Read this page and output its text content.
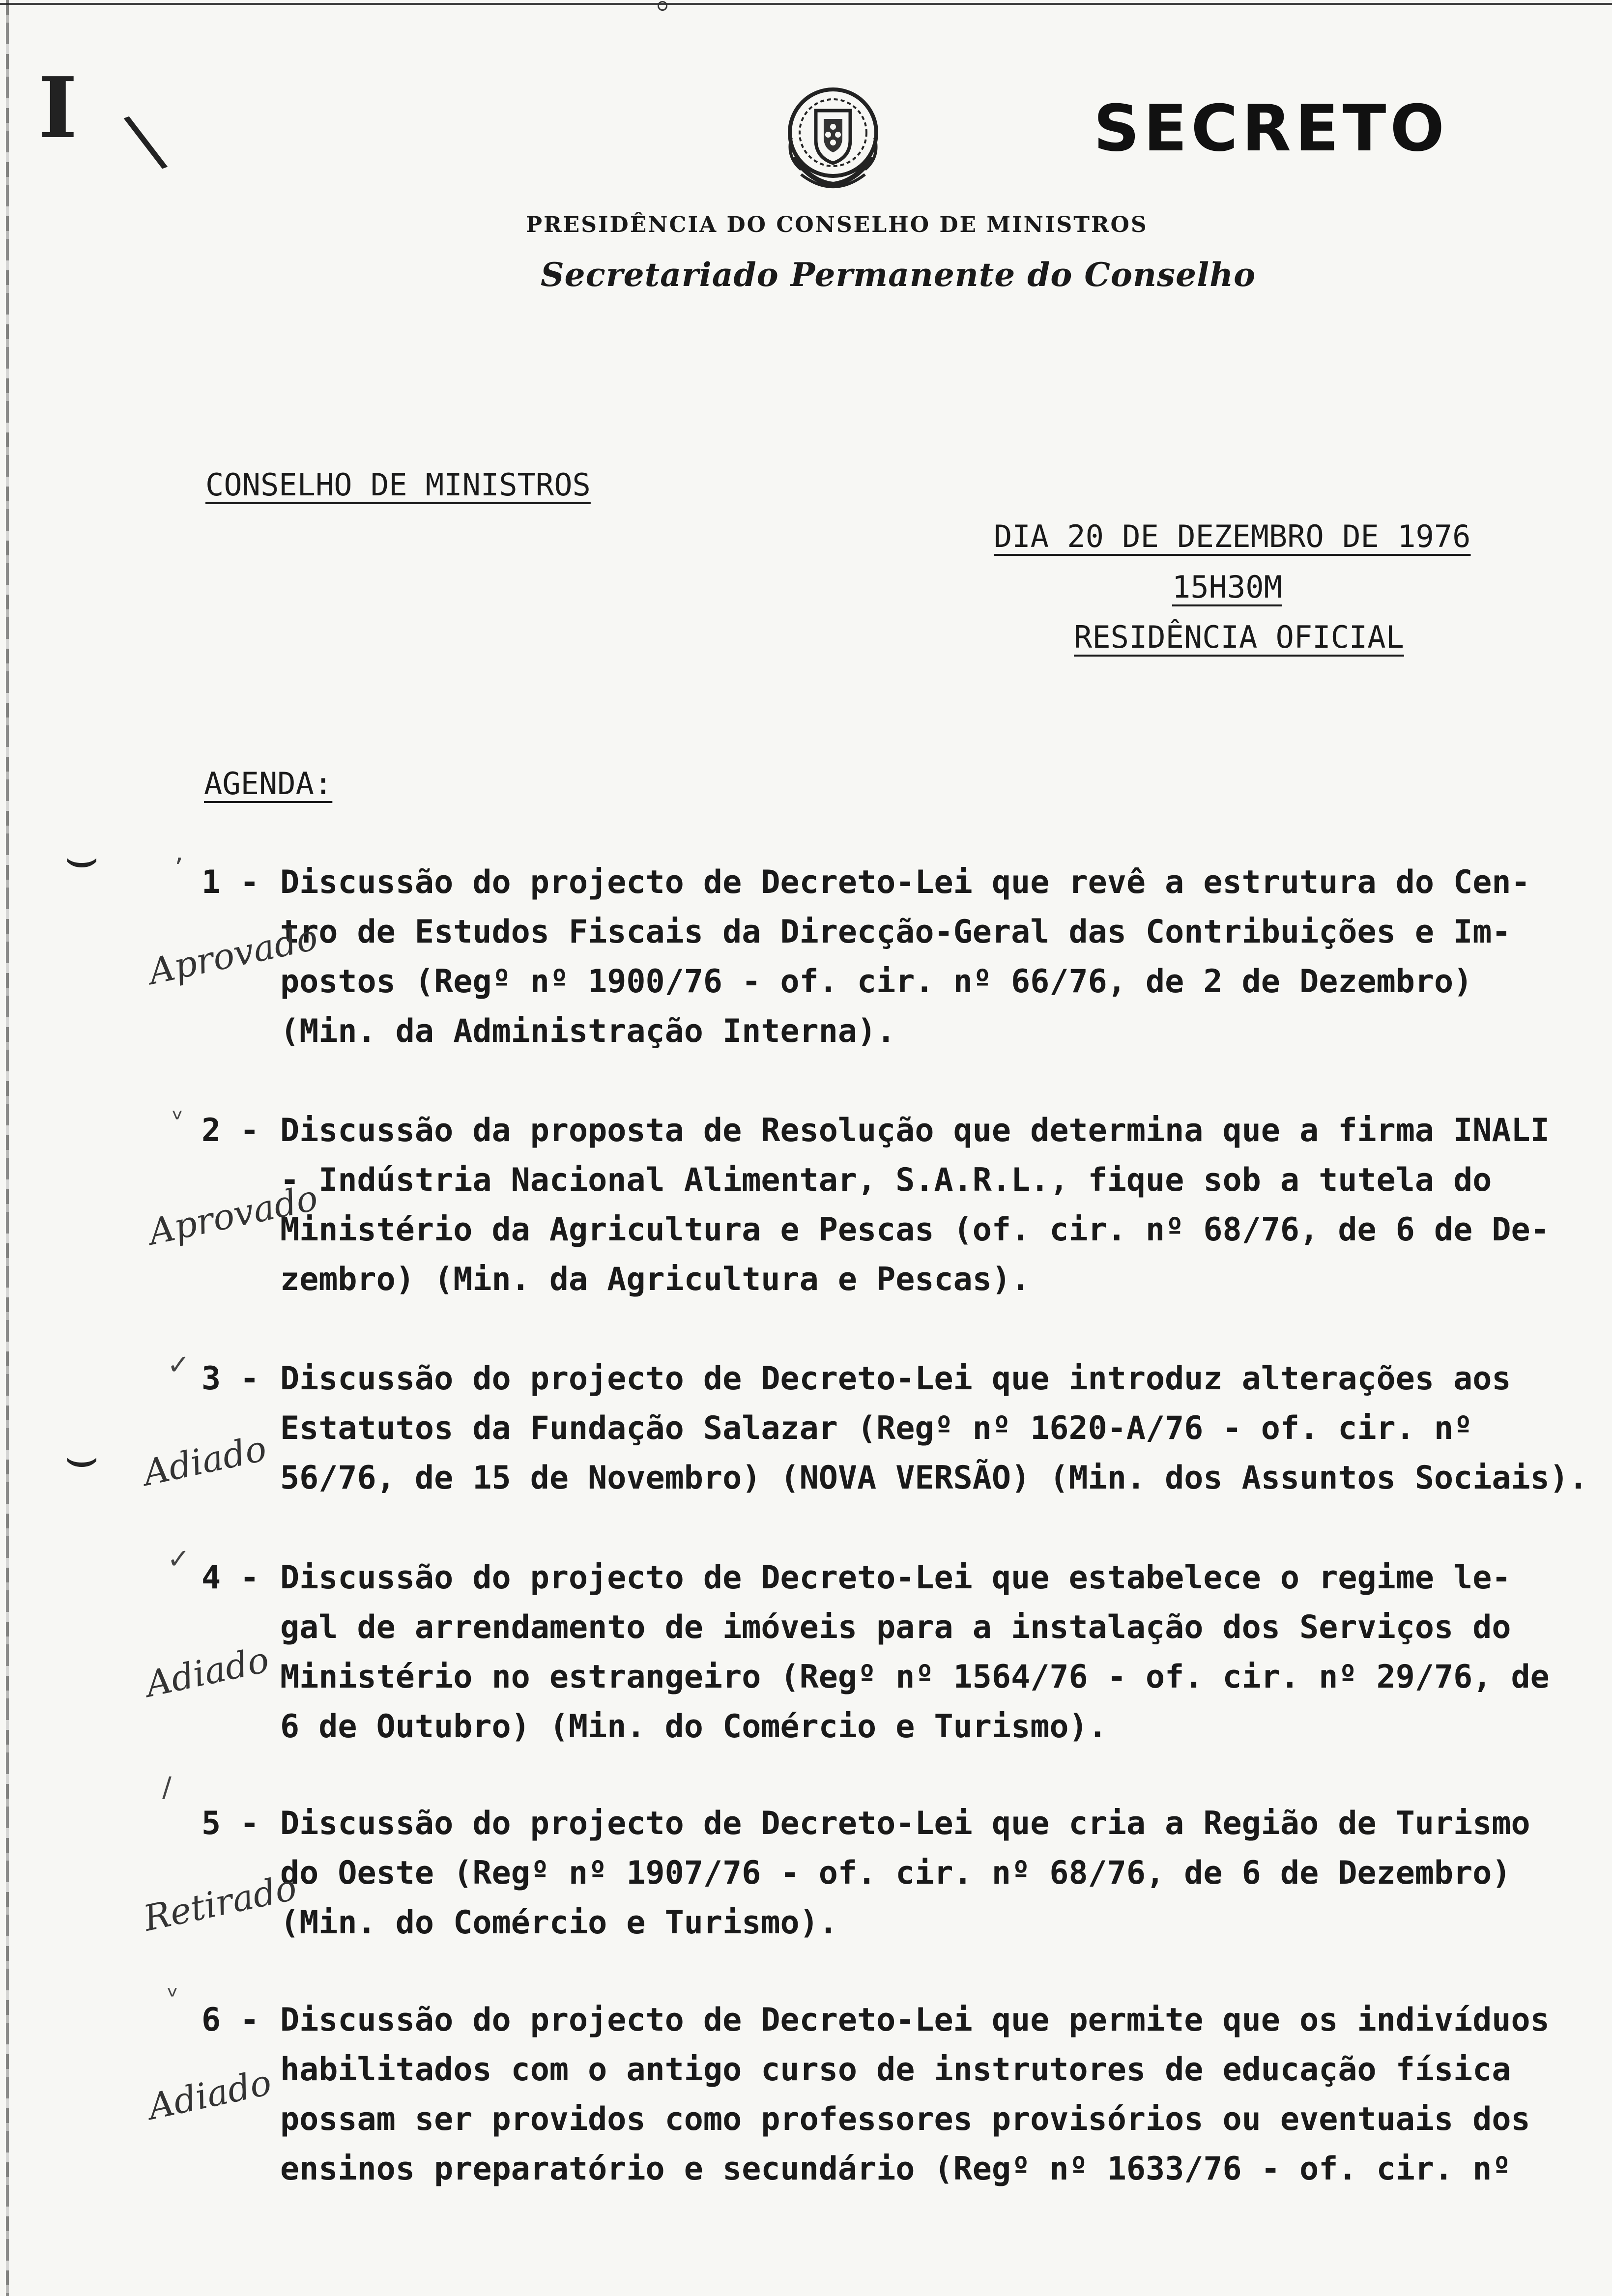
I \	SECRETO
PRESIDÊNCIA DO CONSELHO DE MINISTROS
Secretariado Permanente do Conselho
CONSELHO DE MINISTROS
DIA 20 DE DEZEMBRO DE 1976
15H30M
RESIDÊNCIA OFICIAL
AGENDA:
1 - Discussão do projecto de Decreto-Lei que revê a estrutura do Cen-
tro de Estudos Fiscais da Direcção-Geral das Contribuições e Im-
postos (Regº nº 1900/76 - of. cir. nº 66/76, de 2 de Dezembro)
(Min. da Administração Interna).
2 - Discussão da proposta de Resolução que determina que a firma INALI
- Indústria Nacional Alimentar, S.A.R.L., fique sob a tutela do
Ministério da Agricultura e Pescas (of. cir. nº 68/76, de 6 de De-
zembro) (Min. da Agricultura e Pescas).
3 - Discussão do projecto de Decreto-Lei que introduz alterações aos
Estatutos da Fundação Salazar (Regº nº 1620-A/76 - of. cir. nº
56/76, de 15 de Novembro) (NOVA VERSÃO) (Min. dos Assuntos Sociais).
4 - Discussão do projecto de Decreto-Lei que estabelece o regime le-
gal de arrendamento de imóveis para a instalação dos Serviços do
Ministério no estrangeiro (Regº nº 1564/76 - of. cir. nº 29/76, de
6 de Outubro) (Min. do Comércio e Turismo).
5 - Discussão do projecto de Decreto-Lei que cria a Região de Turismo
do Oeste (Regº nº 1907/76 - of. cir. nº 68/76, de 6 de Dezembro)
(Min. do Comércio e Turismo).
6 - Discussão do projecto de Decreto-Lei que permite que os indivíduos
habilitados com o antigo curso de instrutores de educação física
possam ser providos como professores provisórios ou eventuais dos
ensinos preparatório e secundário (Regº nº 1633/76 - of. cir. nº
Aprovado
Aprovado
Adiado
Adiado
Retirado
Adiado
ʼ
ᵛ
✓
✓
/
ᵛ
⌣
⌣
